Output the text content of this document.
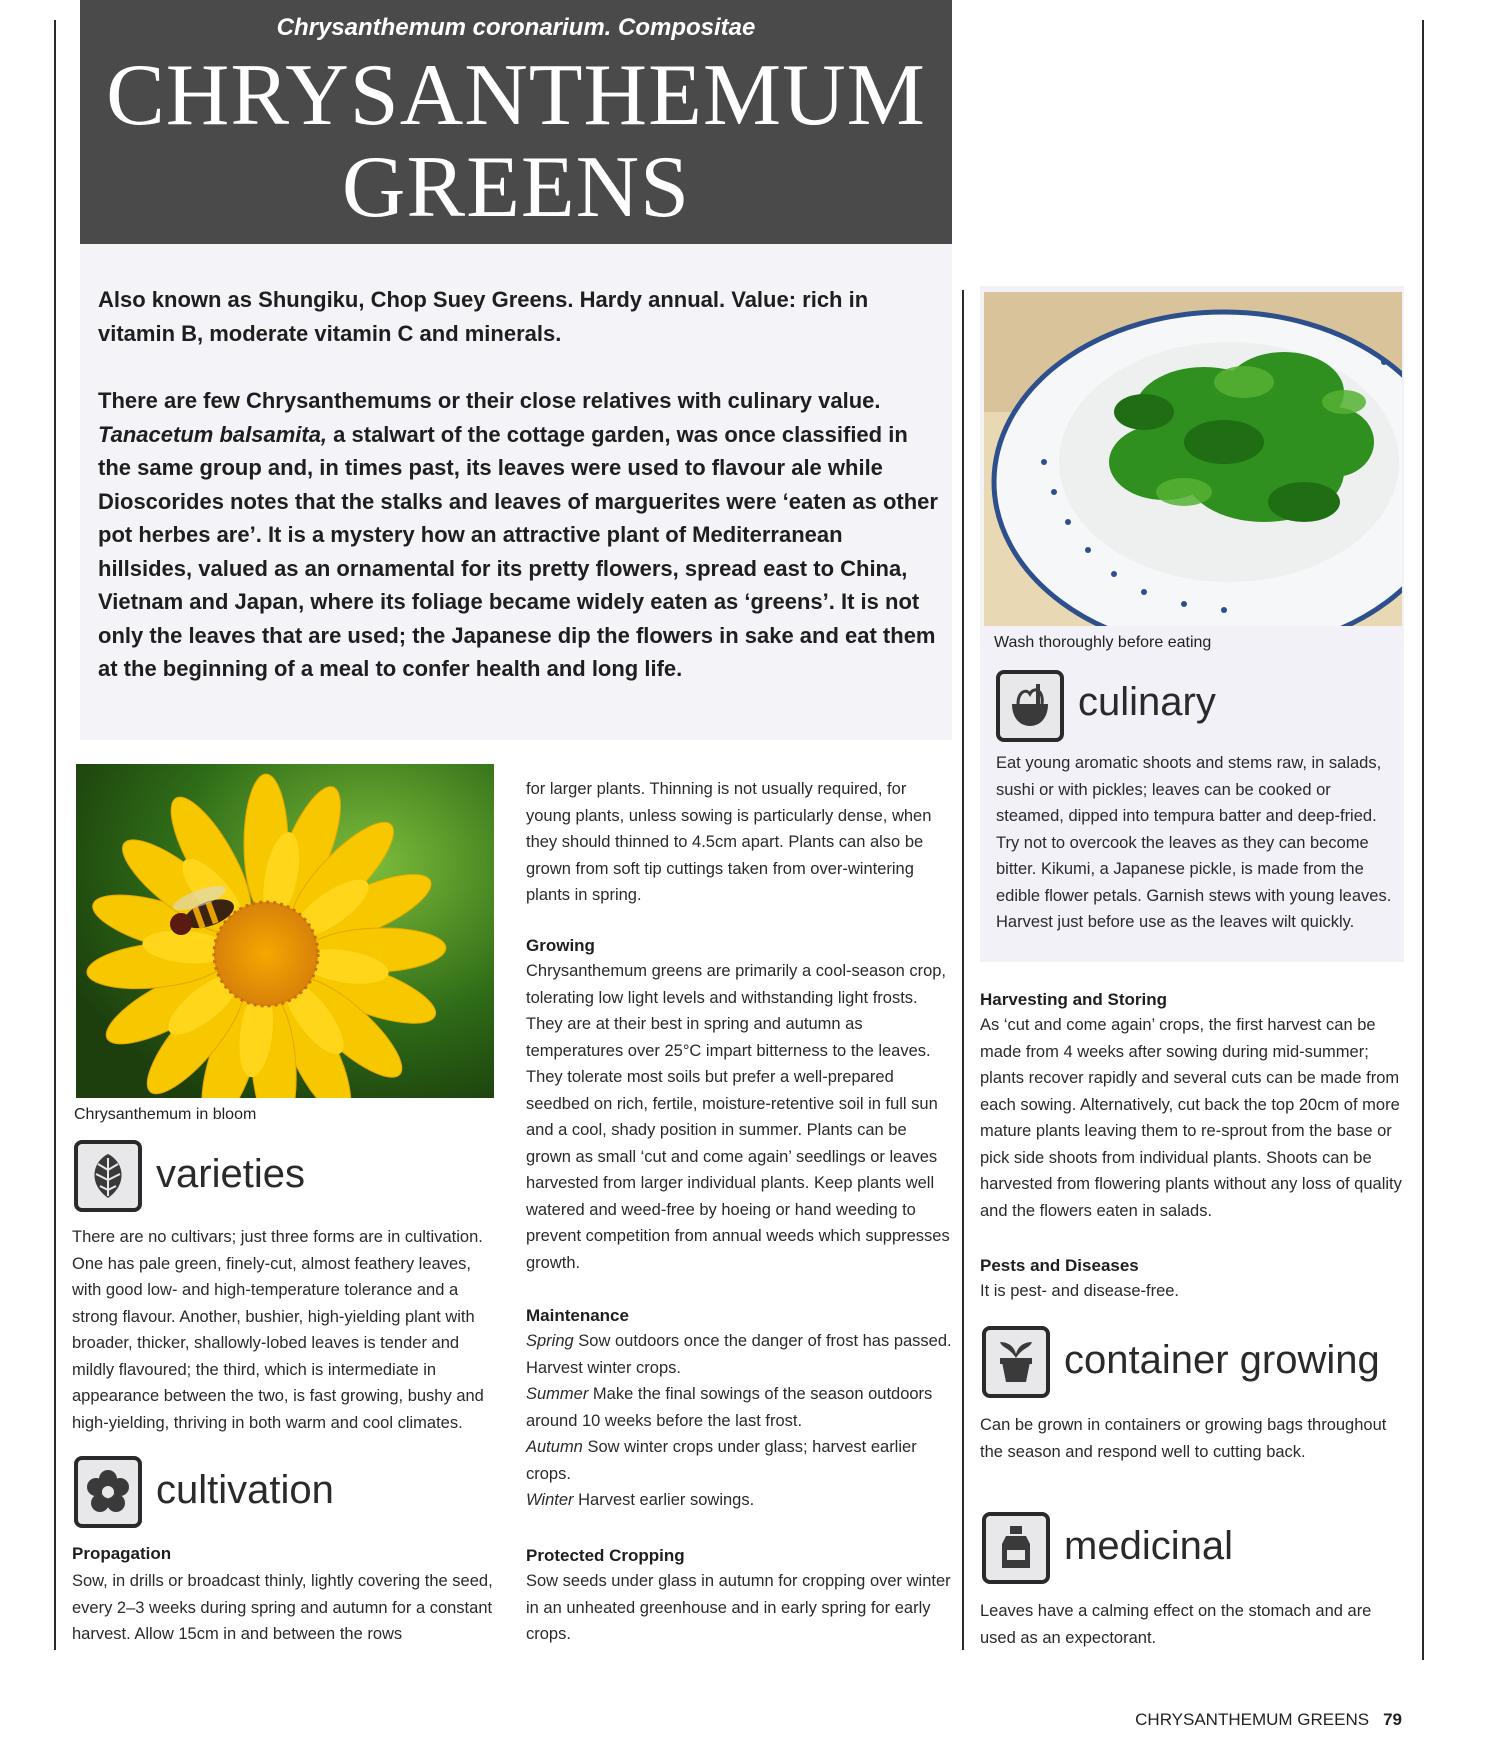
Chrysanthemum coronarium. Compositae
CHRYSANTHEMUM
GREENS

Also known as Shungiku, Chop Suey Greens. Hardy annual. Value: rich in vitamin B, moderate vitamin C and minerals.

There are few Chrysanthemums or their close relatives with culinary value. Tanacetum balsamita, a stalwart of the cottage garden, was once classified in the same group and, in times past, its leaves were used to flavour ale while Dioscorides notes that the stalks and leaves of marguerites were ‘eaten as other pot herbes are’. It is a mystery how an attractive plant of Mediterranean hillsides, valued as an ornamental for its pretty flowers, spread east to China, Vietnam and Japan, where its foliage became widely eaten as ‘greens’. It is not only the leaves that are used; the Japanese dip the flowers in sake and eat them at the beginning of a meal to confer health and long life.

Chrysanthemum in bloom
varieties

There are no cultivars; just three forms are in cultivation. One has pale green, finely-cut, almost feathery leaves, with good low- and high-temperature tolerance and a strong flavour. Another, bushier, high-yielding plant with broader, thicker, shallowly-lobed leaves is tender and mildly flavoured; the third, which is intermediate in appearance between the two, is fast growing, bushy and high-yielding, thriving in both warm and cool climates.

cultivation

Propagation

Sow, in drills or broadcast thinly, lightly covering the seed, every 2–3 weeks during spring and autumn for a constant harvest. Allow 15cm in and between the rows

for larger plants. Thinning is not usually required, for young plants, unless sowing is particularly dense, when they should thinned to 4.5cm apart. Plants can also be grown from soft tip cuttings taken from over-wintering plants in spring.

Growing

Chrysanthemum greens are primarily a cool-season crop, tolerating low light levels and withstanding light frosts. They are at their best in spring and autumn as temperatures over 25°C impart bitterness to the leaves. They tolerate most soils but prefer a well-prepared seedbed on rich, fertile, moisture-retentive soil in full sun and a cool, shady position in summer. Plants can be grown as small ‘cut and come again’ seedlings or leaves harvested from larger individual plants. Keep plants well watered and weed-free by hoeing or hand weeding to prevent competition from annual weeds which suppresses growth.

Maintenance

Spring Sow outdoors once the danger of frost has passed. Harvest winter crops.

Summer Make the final sowings of the season outdoors around 10 weeks before the last frost.

Autumn Sow winter crops under glass; harvest earlier crops.

Winter Harvest earlier sowings.

Protected Cropping

Sow seeds under glass in autumn for cropping over winter in an unheated greenhouse and in early spring for early crops.

Wash thoroughly before eating
culinary

Eat young aromatic shoots and stems raw, in salads, sushi or with pickles; leaves can be cooked or steamed, dipped into tempura batter and deep-fried. Try not to overcook the leaves as they can become bitter. Kikumi, a Japanese pickle, is made from the edible flower petals. Garnish stews with young leaves. Harvest just before use as the leaves wilt quickly.

Harvesting and Storing

As ‘cut and come again’ crops, the first harvest can be made from 4 weeks after sowing during mid-summer; plants recover rapidly and several cuts can be made from each sowing. Alternatively, cut back the top 20cm of more mature plants leaving them to re-sprout from the base or pick side shoots from individual plants. Shoots can be harvested from flowering plants without any loss of quality and the flowers eaten in salads.

Pests and Diseases

It is pest- and disease-free.

container growing

Can be grown in containers or growing bags throughout the season and respond well to cutting back.

medicinal

Leaves have a calming effect on the stomach and are used as an expectorant.

CHRYSANTHEMUM GREENS 79
